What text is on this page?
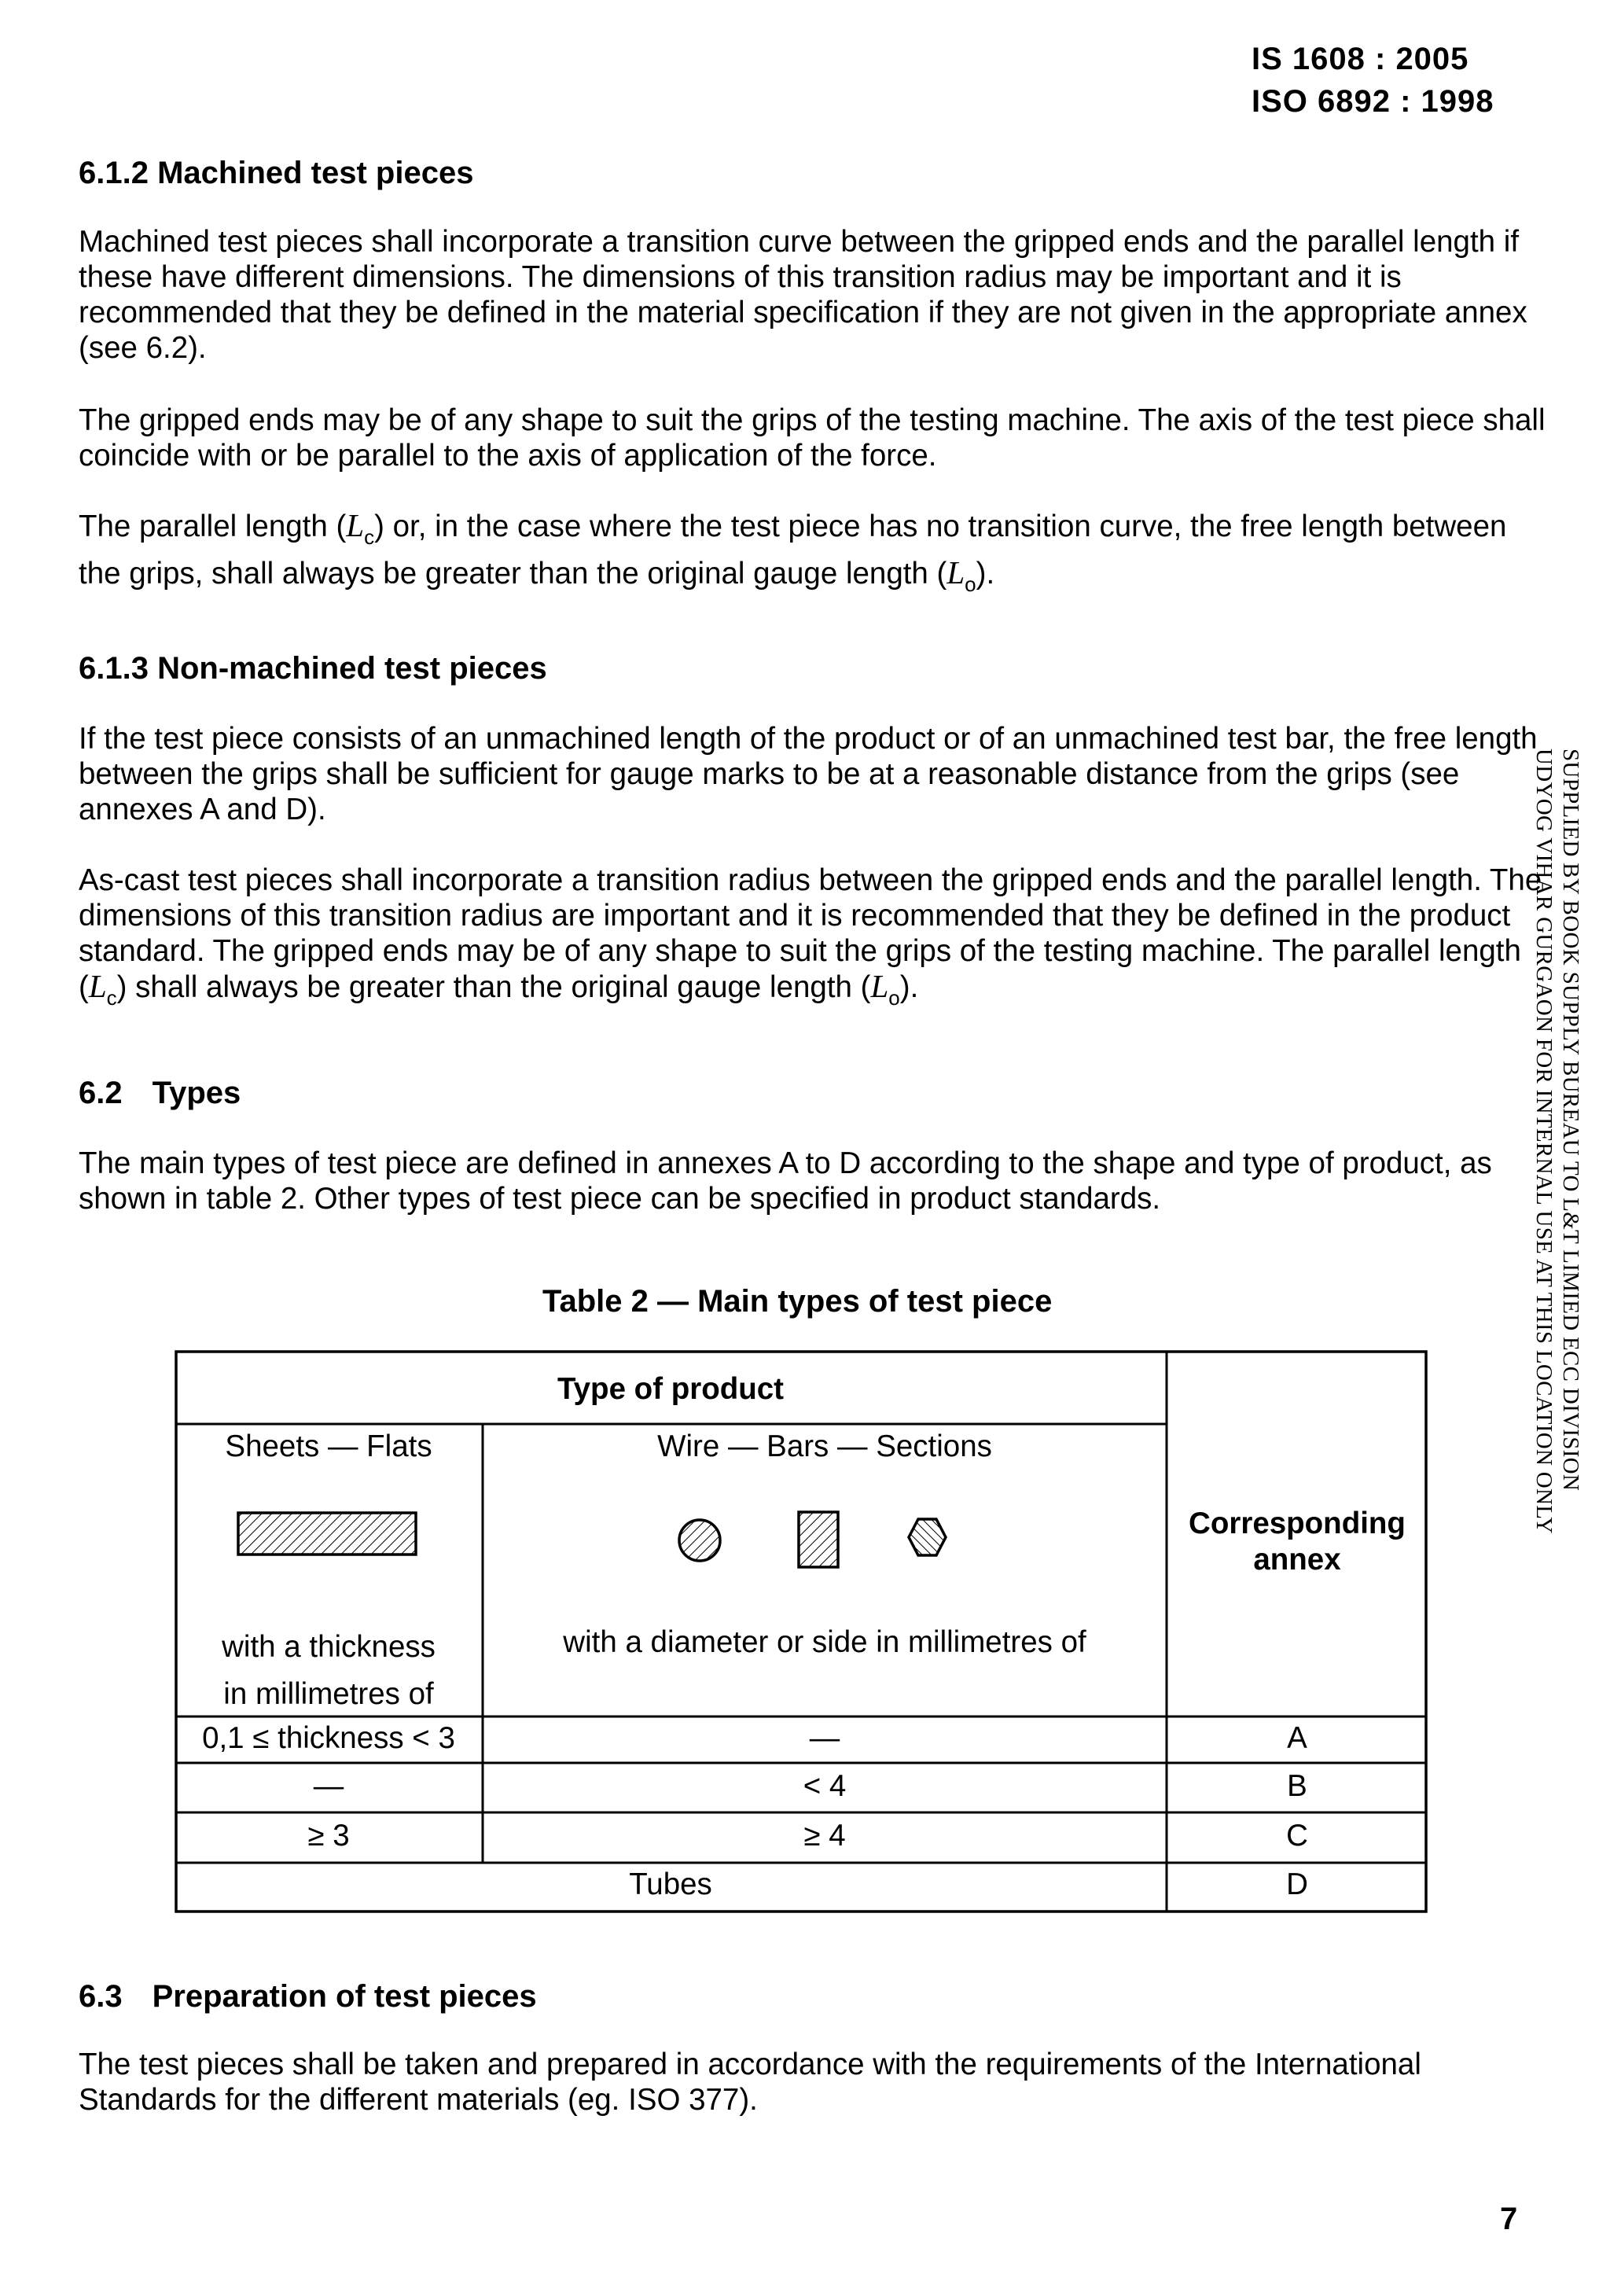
IS 1608 : 2005
ISO 6892 : 1998
6.1.2 Machined test pieces
Machined test pieces shall incorporate a transition curve between the gripped ends and the parallel length if these have different dimensions. The dimensions of this transition radius may be important and it is recommended that they be defined in the material specification if they are not given in the appropriate annex (see 6.2).
The gripped ends may be of any shape to suit the grips of the testing machine. The axis of the test piece shall coincide with or be parallel to the axis of application of the force.
The parallel length $(L_c)$ or, in the case where the test piece has no transition curve, the free length between the grips, shall always be greater than the original gauge length $(L_o)$.
6.1.3 Non-machined test pieces
If the test piece consists of an unmachined length of the product or of an unmachined test bar, the free length between the grips shall be sufficient for gauge marks to be at a reasonable distance from the grips (see annexes A and D).
As-cast test pieces shall incorporate a transition radius between the gripped ends and the parallel length. The dimensions of this transition radius are important and it is recommended that they be defined in the product standard. The gripped ends may be of any shape to suit the grips of the testing machine. The parallel length $(L_c)$ shall always be greater than the original gauge length $(L_o)$.
6.2 Types
The main types of test piece are defined in annexes A to D according to the shape and type of product, as shown in table 2. Other types of test piece can be specified in product standards.
Table 2 — Main types of test piece
Type of product
Sheets — Flats	Wire — Bars — Sections
Corresponding
annex
with a thickness
in millimetres of
with a diameter or side in millimetres of
0,1 ≤ thickness < 3	—	A
—	< 4	B
≥ 3	≥ 4	C
Tubes	D
6.3 Preparation of test pieces
The test pieces shall be taken and prepared in accordance with the requirements of the International Standards for the different materials (eg. ISO 377).
SUPPLIED BY BOOK SUPPLY BUREAU TO L&T LIMIED ECC DIVISION
UDYOG VIHAR GURGAON FOR INTERNAL USE AT THIS LOCATION ONLY
7
